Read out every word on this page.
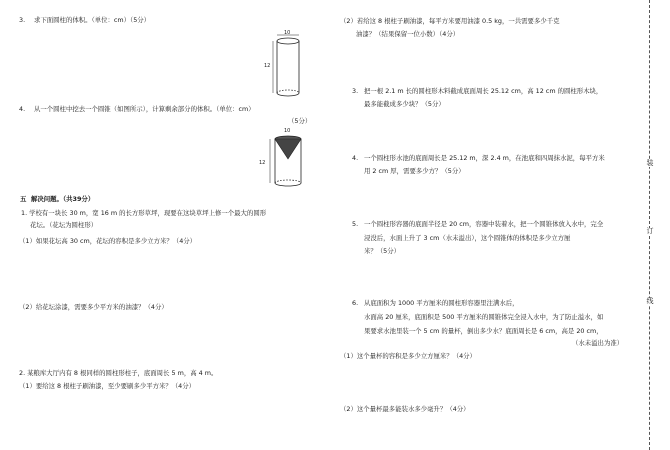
3. 求下面圆柱的体积。（单位：cm）（5分）
10
12
4. 从一个圆柱中挖去一个圆锥（如图所示），计算剩余部分的体积。（单位：cm）
（5分）
10
12
五 解决问题。（共39分）
1. 学校有一块长 30 m，宽 16 m 的长方形草坪，现要在这块草坪上修一个最大的圆形
花坛。（花坛为圆柱形）
（1）如果花坛高 30 cm，花坛的容积是多少立方米？（4分）
（2）给花坛涂漆，需要多少平方米的油漆？（4分）
2. 某粮库大厅内有 8 根同样的圆柱形柱子，底面周长 5 m，高 4 m。
（1）要给这 8 根柱子刷油漆，至少要刷多少平方米？（4分）
（2）若给这 8 根柱子刷油漆，每平方米要用油漆 0.5 kg，一共需要多少千克
油漆？（结果保留一位小数）（4分）
3. 把一根 2.1 m 长的圆柱形木料截成底面周长 25.12 cm，高 12 cm 的圆柱形木块，
最多能截成多少块？（5分）
4. 一个圆柱形水池的底面周长是 25.12 m，深 2.4 m，在池底和四周抹水泥，每平方米
用 2 cm 厚，需要多少方？（5分）
5. 一个圆柱形容器的底面半径是 20 cm，容器中装着水，把一个圆锥体放入水中，完全
浸没后，水面上升了 3 cm（水未溢出），这个圆锥体的体积是多少立方厘
米？（5分）
6. 从底面积为 1000 平方厘米的圆柱形容器里注满水后，
水面高 20 厘米，底面积是 500 平方厘米的圆锥体完全浸入水中，为了防止溢水，如
果要求水池里装一个 5 cm 的量杯，倒出多少水？底面周长是 6 cm，高是 20 cm，
（水未溢出为准）
（1）这个量杯的容积是多少立方厘米？（4分）
（2）这个量杯最多能装水多少毫升？（4分）
装
订
线
